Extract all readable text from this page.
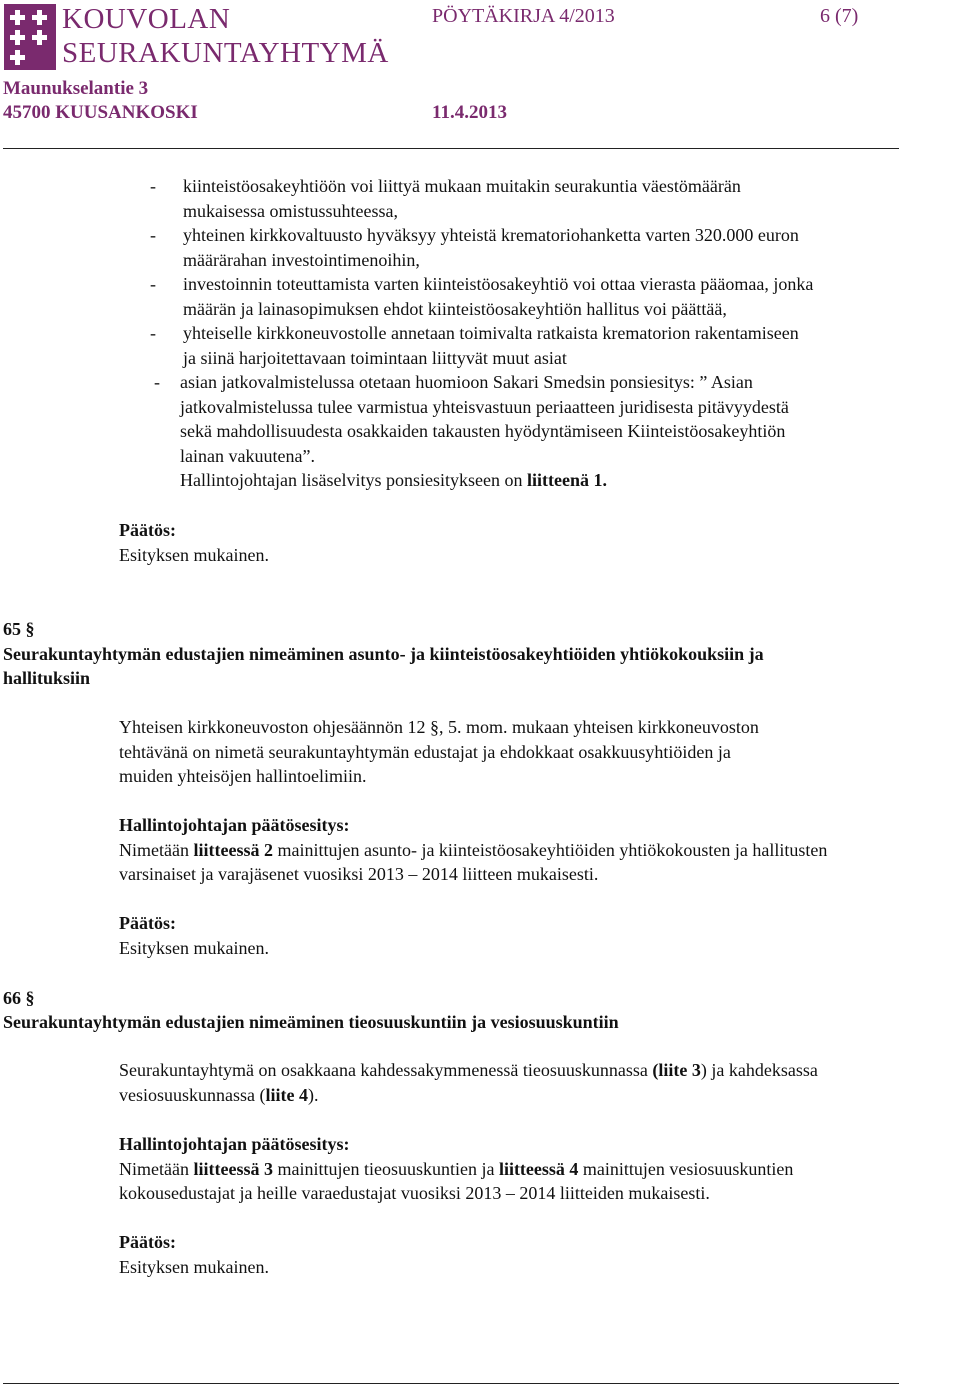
KOUVOLAN
SEURAKUNTAYHTYMÄ
Maunukselantie 3
45700 KUUSANKOSKI
PÖYTÄKIRJA 4/2013	6 (7)
11.4.2013
- kiinteistöosakeyhtiöön voi liittyä mukaan muitakin seurakuntia väestömäärän
mukaisessa omistussuhteessa,
- yhteinen kirkkovaltuusto hyväksyy yhteistä krematoriohanketta varten 320.000 euron
määrärahan investointimenoihin,
- investoinnin toteuttamista varten kiinteistöosakeyhtiö voi ottaa vierasta pääomaa, jonka
määrän ja lainasopimuksen ehdot kiinteistöosakeyhtiön hallitus voi päättää,
- yhteiselle kirkkoneuvostolle annetaan toimivalta ratkaista krematorion rakentamiseen
ja siinä harjoitettavaan toimintaan liittyvät muut asiat
- asian jatkovalmistelussa otetaan huomioon Sakari Smedsin ponsiesitys: ” Asian
jatkovalmistelussa tulee varmistua yhteisvastuun periaatteen juridisesta pitävyydestä
sekä mahdollisuudesta osakkaiden takausten hyödyntämiseen Kiinteistöosakeyhtiön
lainan vakuutena”.
Hallintojohtajan lisäselvitys ponsiesitykseen on liitteenä 1.
Päätös:
Esityksen mukainen.
65 §
Seurakuntayhtymän edustajien nimeäminen asunto- ja kiinteistöosakeyhtiöiden yhtiökokouksiin ja
hallituksiin
Yhteisen kirkkoneuvoston ohjesäännön 12 §, 5. mom. mukaan yhteisen kirkkoneuvoston
tehtävänä on nimetä seurakuntayhtymän edustajat ja ehdokkaat osakkuusyhtiöiden ja
muiden yhteisöjen hallintoelimiin.
Hallintojohtajan päätösesitys:
Nimetään liitteessä 2 mainittujen asunto- ja kiinteistöosakeyhtiöiden yhtiökokousten ja hallitusten
varsinaiset ja varajäsenet vuosiksi 2013 – 2014 liitteen mukaisesti.
Päätös:
Esityksen mukainen.
66 §
Seurakuntayhtymän edustajien nimeäminen tieosuuskuntiin ja vesiosuuskuntiin
Seurakuntayhtymä on osakkaana kahdessakymmenessä tieosuuskunnassa (liite 3) ja kahdeksassa
vesiosuuskunnassa (liite 4).
Hallintojohtajan päätösesitys:
Nimetään liitteessä 3 mainittujen tieosuuskuntien ja liitteessä 4 mainittujen vesiosuuskuntien
kokousedustajat ja heille varaedustajat vuosiksi 2013 – 2014 liitteiden mukaisesti.
Päätös:
Esityksen mukainen.
